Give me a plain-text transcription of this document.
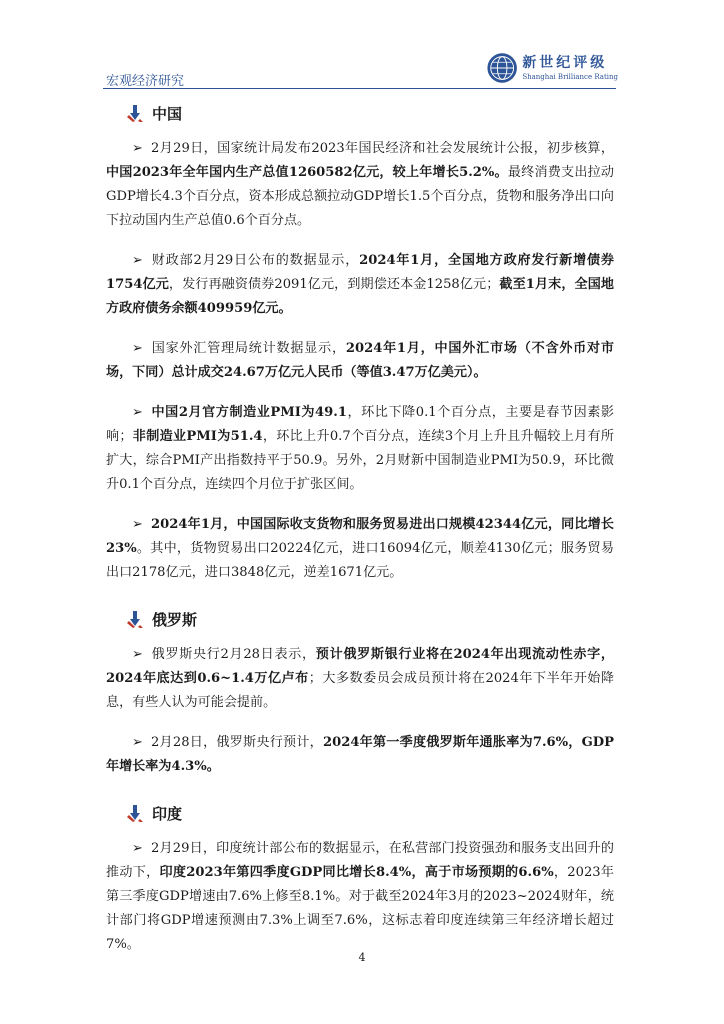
宏观经济研究
新世纪评级
Shanghai Brilliance Rating
中国

➢ 2月29日，国家统计局发布2023年国民经济和社会发展统计公报，初步核算，中国2023年全年国内生产总值1260582亿元，较上年增长5.2%。最终消费支出拉动GDP增长4.3个百分点，资本形成总额拉动GDP增长1.5个百分点，货物和服务净出口向下拉动国内生产总值0.6个百分点。

➢ 财政部2月29日公布的数据显示，2024年1月，全国地方政府发行新增债券1754亿元，发行再融资债券2091亿元，到期偿还本金1258亿元；截至1月末，全国地方政府债务余额409959亿元。

➢ 国家外汇管理局统计数据显示，2024年1月，中国外汇市场（不含外币对市场，下同）总计成交24.67万亿元人民币（等值3.47万亿美元）。

➢ 中国2月官方制造业PMI为49.1，环比下降0.1个百分点，主要是春节因素影响；非制造业PMI为51.4，环比上升0.7个百分点，连续3个月上升且升幅较上月有所扩大，综合PMI产出指数持平于50.9。另外，2月财新中国制造业PMI为50.9，环比微升0.1个百分点，连续四个月位于扩张区间。

➢ 2024年1月，中国国际收支货物和服务贸易进出口规模42344亿元，同比增长23%。其中，货物贸易出口20224亿元，进口16094亿元，顺差4130亿元；服务贸易出口2178亿元，进口3848亿元，逆差1671亿元。

俄罗斯

➢ 俄罗斯央行2月28日表示，预计俄罗斯银行业将在2024年出现流动性赤字，2024年底达到0.6~1.4万亿卢布；大多数委员会成员预计将在2024年下半年开始降息，有些人认为可能会提前。

➢ 2月28日，俄罗斯央行预计，2024年第一季度俄罗斯年通胀率为7.6%，GDP年增长率为4.3%。

印度

➢ 2月29日，印度统计部公布的数据显示，在私营部门投资强劲和服务支出回升的推动下，印度2023年第四季度GDP同比增长8.4%，高于市场预期的6.6%，2023年第三季度GDP增速由7.6%上修至8.1%。对于截至2024年3月的2023~2024财年，统计部门将GDP增速预测由7.3%上调至7.6%，这标志着印度连续第三年经济增长超过7%。

4
